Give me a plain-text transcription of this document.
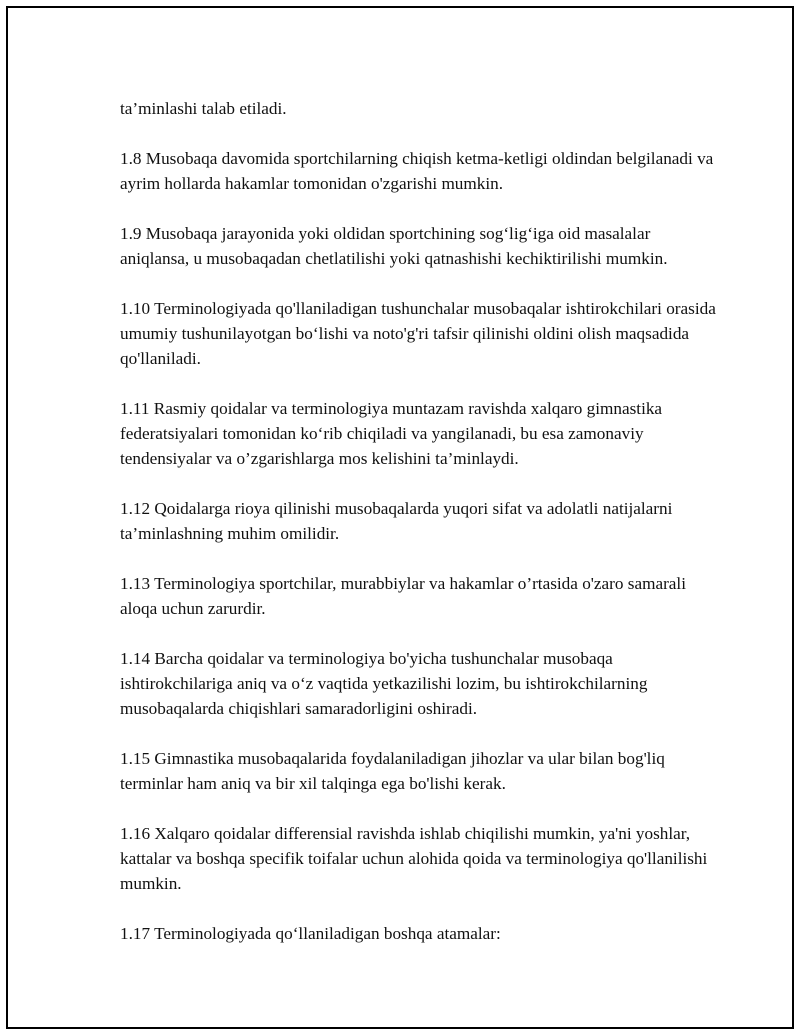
ta’minlashi talab etiladi.

1.8 Musobaqa davomida sportchilarning chiqish ketma-ketligi oldindan belgilanadi va ayrim hollarda hakamlar tomonidan o'zgarishi mumkin.

1.9 Musobaqa jarayonida yoki oldidan sportchining sog‘lig‘iga oid masalalar aniqlansa, u musobaqadan chetlatilishi yoki qatnashishi kechiktirilishi mumkin.

1.10 Terminologiyada qo'llaniladigan tushunchalar musobaqalar ishtirokchilari orasida umumiy tushunilayotgan bo‘lishi va noto'g'ri tafsir qilinishi oldini olish maqsadida qo'llaniladi.

1.11 Rasmiy qoidalar va terminologiya muntazam ravishda xalqaro gimnastika federatsiyalari tomonidan ko‘rib chiqiladi va yangilanadi, bu esa zamonaviy tendensiyalar va o’zgarishlarga mos kelishini ta’minlaydi.

1.12 Qoidalarga rioya qilinishi musobaqalarda yuqori sifat va adolatli natijalarni ta’minlashning muhim omilidir.

1.13 Terminologiya sportchilar, murabbiylar va hakamlar o’rtasida o'zaro samarali aloqa uchun zarurdir.

1.14 Barcha qoidalar va terminologiya bo'yicha tushunchalar musobaqa ishtirokchilariga aniq va o‘z vaqtida yetkazilishi lozim, bu ishtirokchilarning musobaqalarda chiqishlari samaradorligini oshiradi.

1.15 Gimnastika musobaqalarida foydalaniladigan jihozlar va ular bilan bog'liq terminlar ham aniq va bir xil talqinga ega bo'lishi kerak.

1.16 Xalqaro qoidalar differensial ravishda ishlab chiqilishi mumkin, ya'ni yoshlar, kattalar va boshqa specifik toifalar uchun alohida qoida va terminologiya qo'llanilishi mumkin.

1.17 Terminologiyada qo‘llaniladigan boshqa atamalar:
